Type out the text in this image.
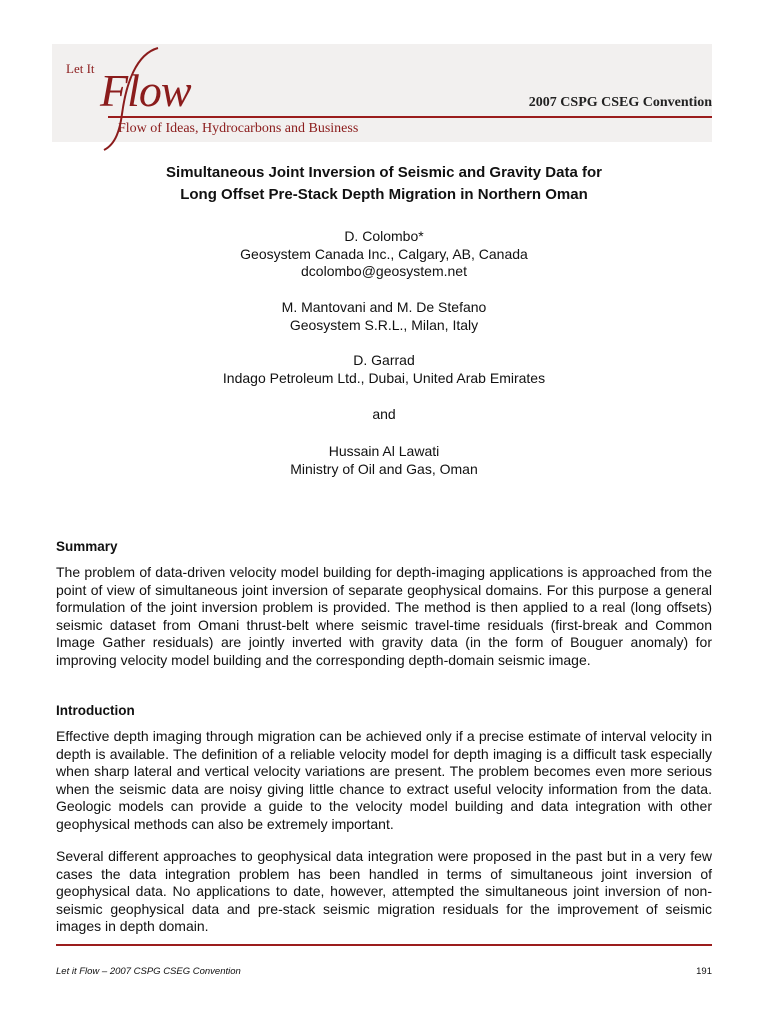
Let It Flow	2007 CSPG CSEG Convention
Flow of Ideas, Hydrocarbons and Business
Simultaneous Joint Inversion of Seismic and Gravity Data for
Long Offset Pre-Stack Depth Migration in Northern Oman
D. Colombo*
Geosystem Canada Inc., Calgary, AB, Canada
dcolombo@geosystem.net
M. Mantovani and M. De Stefano
Geosystem S.R.L., Milan, Italy
D. Garrad
Indago Petroleum Ltd., Dubai, United Arab Emirates
and
Hussain Al Lawati
Ministry of Oil and Gas, Oman
Summary

The problem of data-driven velocity model building for depth-imaging applications is approached from the point of view of simultaneous joint inversion of separate geophysical domains. For this purpose a general formulation of the joint inversion problem is provided. The method is then applied to a real (long offsets) seismic dataset from Omani thrust-belt where seismic travel-time residuals (first-break and Common Image Gather residuals) are jointly inverted with gravity data (in the form of Bouguer anomaly) for improving velocity model building and the corresponding depth-domain seismic image.

Introduction

Effective depth imaging through migration can be achieved only if a precise estimate of interval velocity in depth is available. The definition of a reliable velocity model for depth imaging is a difficult task especially when sharp lateral and vertical velocity variations are present. The problem becomes even more serious when the seismic data are noisy giving little chance to extract useful velocity information from the data. Geologic models can provide a guide to the velocity model building and data integration with other geophysical methods can also be extremely important.

Several different approaches to geophysical data integration were proposed in the past but in a very few cases the data integration problem has been handled in terms of simultaneous joint inversion of geophysical data. No applications to date, however, attempted the simultaneous joint inversion of non-seismic geophysical data and pre-stack seismic migration residuals for the improvement of seismic images in depth domain.

Let it Flow – 2007 CSPG CSEG Convention	191
